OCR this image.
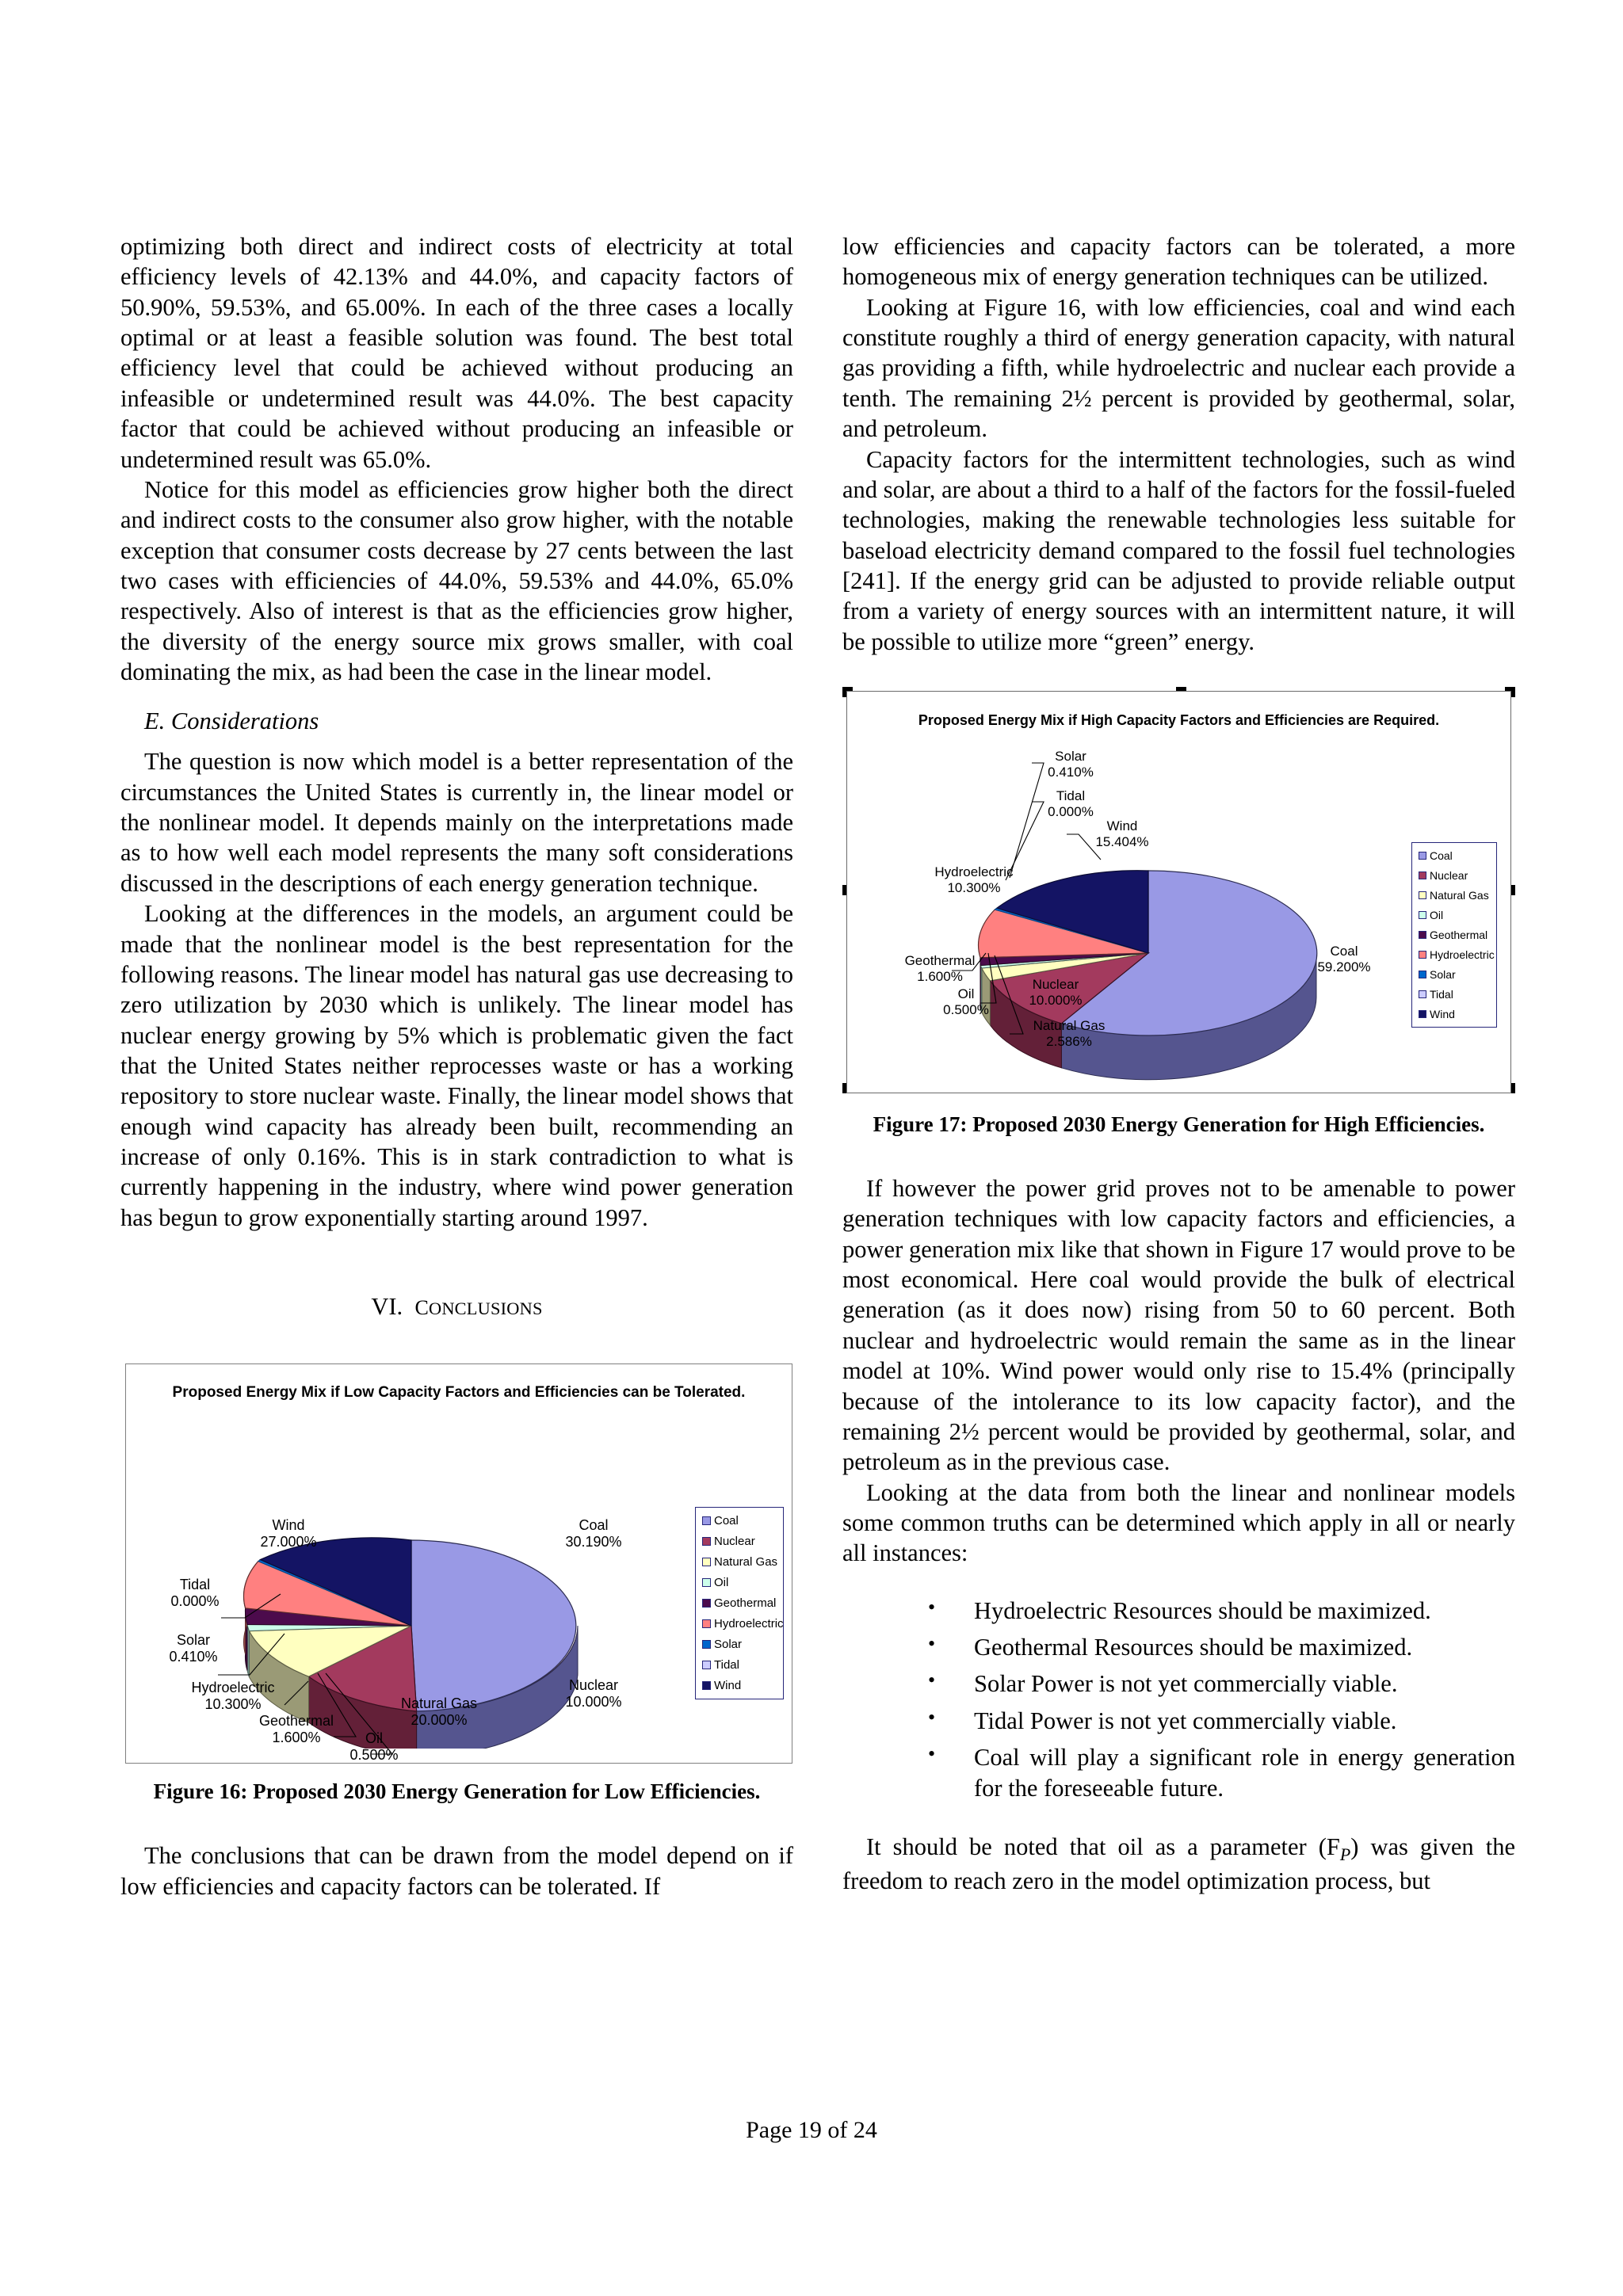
optimizing both direct and indirect costs of electricity at total efficiency levels of 42.13% and 44.0%, and capacity factors of 50.90%, 59.53%, and 65.00%. In each of the three cases a locally optimal or at least a feasible solution was found. The best total efficiency level that could be achieved without producing an infeasible or undetermined result was 44.0%. The best capacity factor that could be achieved without producing an infeasible or undetermined result was 65.0%.

Notice for this model as efficiencies grow higher both the direct and indirect costs to the consumer also grow higher, with the notable exception that consumer costs decrease by 27 cents between the last two cases with efficiencies of 44.0%, 59.53% and 44.0%, 65.0% respectively. Also of interest is that as the efficiencies grow higher, the diversity of the energy source mix grows smaller, with coal dominating the mix, as had been the case in the linear model.

E. Considerations

The question is now which model is a better representation of the circumstances the United States is currently in, the linear model or the nonlinear model. It depends mainly on the interpretations made as to how well each model represents the many soft considerations discussed in the descriptions of each energy generation technique.

Looking at the differences in the models, an argument could be made that the nonlinear model is the best representation for the following reasons. The linear model has natural gas use decreasing to zero utilization by 2030 which is unlikely. The linear model has nuclear energy growing by 5% which is problematic given the fact that the United States neither reprocesses waste or has a working repository to store nuclear waste. Finally, the linear model shows that enough wind capacity has already been built, recommending an increase of only 0.16%. This is in stark contradiction to what is currently happening in the industry, where wind power generation has begun to grow exponentially starting around 1997.

VI. CONCLUSIONS

Proposed Energy Mix if Low Capacity Factors and Efficiencies can be Tolerated.
Wind
27.000%
Coal
30.190%
Tidal
0.000%
Solar
0.410%
Hydroelectric
10.300%
Geothermal
1.600%	Oil
0.500%
Natural Gas
20.000%
Nuclear
10.000%
Coal
Nuclear
Natural Gas
Oil
Geothermal
Hydroelectric
Solar
Tidal
Wind
Figure 16: Proposed 2030 Energy Generation for Low Efficiencies.

The conclusions that can be drawn from the model depend on if low efficiencies and capacity factors can be tolerated. If

low efficiencies and capacity factors can be tolerated, a more homogeneous mix of energy generation techniques can be utilized.

Looking at Figure 16, with low efficiencies, coal and wind each constitute roughly a third of energy generation capacity, with natural gas providing a fifth, while hydroelectric and nuclear each provide a tenth. The remaining 2½ percent is provided by geothermal, solar, and petroleum.

Capacity factors for the intermittent technologies, such as wind and solar, are about a third to a half of the factors for the fossil-fueled technologies, making the renewable technologies less suitable for baseload electricity demand compared to the fossil fuel technologies [241]. If the energy grid can be adjusted to provide reliable output from a variety of energy sources with an intermittent nature, it will be possible to utilize more “green” energy.

Proposed Energy Mix if High Capacity Factors and Efficiencies are Required.
Solar
0.410%
Tidal
0.000%
Wind
15.404%
Hydroelectric
10.300%
Geothermal
1.600%
Oil
0.500%
Nuclear
10.000%
Natural Gas
2.586%
Coal
59.200%
Coal
Nuclear
Natural Gas
Oil
Geothermal
Hydroelectric
Solar
Tidal
Wind
Figure 17: Proposed 2030 Energy Generation for High Efficiencies.

If however the power grid proves not to be amenable to power generation techniques with low capacity factors and efficiencies, a power generation mix like that shown in Figure 17 would prove to be most economical. Here coal would provide the bulk of electrical generation (as it does now) rising from 50 to 60 percent. Both nuclear and hydroelectric would remain the same as in the linear model at 10%. Wind power would only rise to 15.4% (principally because of the intolerance to its low capacity factor), and the remaining 2½ percent would be provided by geothermal, solar, and petroleum as in the previous case.

Looking at the data from both the linear and nonlinear models some common truths can be determined which apply in all or nearly all instances:

• Hydroelectric Resources should be maximized.
• Geothermal Resources should be maximized.
• Solar Power is not yet commercially viable.
• Tidal Power is not yet commercially viable.
• Coal will play a significant role in energy generation for the foreseeable future.

It should be noted that oil as a parameter $(F_P)$ was given the freedom to reach zero in the model optimization process, but

Page 19 of 24
